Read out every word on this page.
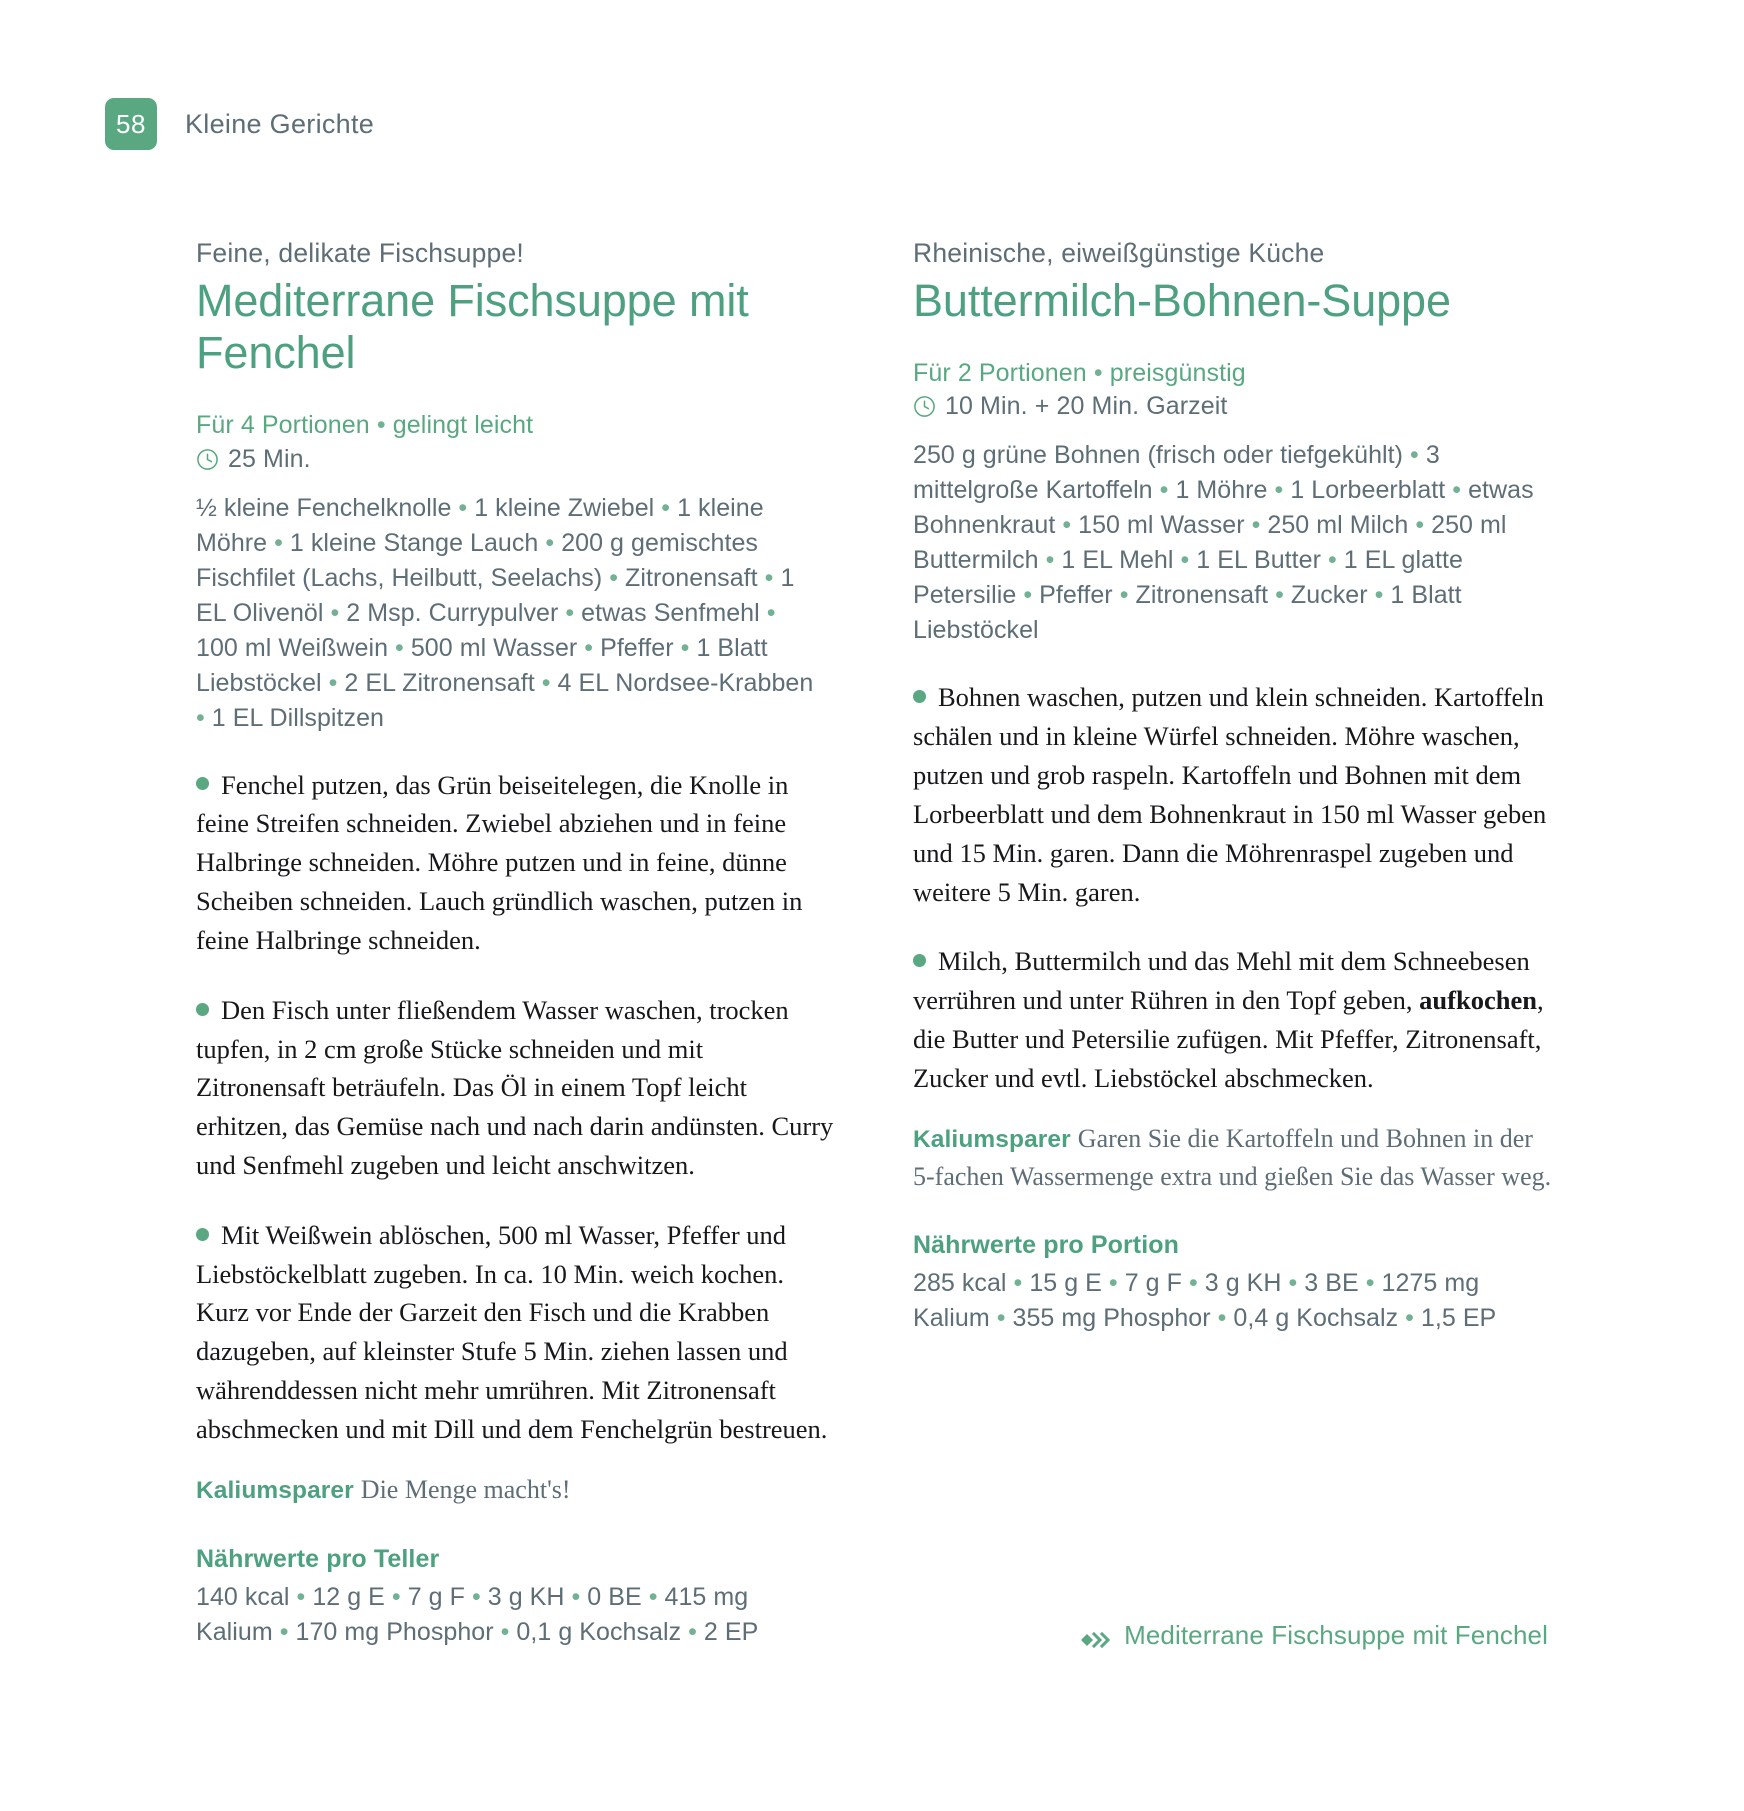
58	Kleine Gerichte
Feine, delikate Fischsuppe!
Mediterrane Fischsuppe mit Fenchel
Für 4 Portionen • gelingt leicht
25 Min.
½ kleine Fenchelknolle • 1 kleine Zwiebel • 1 kleine Möhre • 1 kleine Stange Lauch • 200 g gemischtes Fischfilet (Lachs, Heilbutt, Seelachs) • Zitronensaft • 1 EL Olivenöl • 2 Msp. Currypulver • etwas Senfmehl • 100 ml Weißwein • 500 ml Wasser • Pfeffer • 1 Blatt Liebstöckel • 2 EL Zitronensaft • 4 EL Nordsee-Krabben • 1 EL Dillspitzen
Fenchel putzen, das Grün beiseitelegen, die Knolle in feine Streifen schneiden. Zwiebel abziehen und in feine Halbringe schneiden. Möhre putzen und in feine, dünne Scheiben schneiden. Lauch gründlich waschen, putzen in feine Halbringe schneiden.
Den Fisch unter fließendem Wasser waschen, trocken tupfen, in 2 cm große Stücke schneiden und mit Zitronensaft beträufeln. Das Öl in einem Topf leicht erhitzen, das Gemüse nach und nach darin andünsten. Curry und Senfmehl zugeben und leicht anschwitzen.
Mit Weißwein ablöschen, 500 ml Wasser, Pfeffer und Liebstöckelblatt zugeben. In ca. 10 Min. weich kochen. Kurz vor Ende der Garzeit den Fisch und die Krabben dazugeben, auf kleinster Stufe 5 Min. ziehen lassen und währenddessen nicht mehr umrühren. Mit Zitronensaft abschmecken und mit Dill und dem Fenchelgrün bestreuen.
Kaliumsparer Die Menge macht's!
Nährwerte pro Teller
140 kcal • 12 g E • 7 g F • 3 g KH • 0 BE • 415 mg Kalium • 170 mg Phosphor • 0,1 g Kochsalz • 2 EP
Rheinische, eiweißgünstige Küche
Buttermilch-Bohnen-Suppe
Für 2 Portionen • preisgünstig
10 Min. + 20 Min. Garzeit
250 g grüne Bohnen (frisch oder tiefgekühlt) • 3 mittelgroße Kartoffeln • 1 Möhre • 1 Lorbeerblatt • etwas Bohnenkraut • 150 ml Wasser • 250 ml Milch • 250 ml Buttermilch • 1 EL Mehl • 1 EL Butter • 1 EL glatte Petersilie • Pfeffer • Zitronensaft • Zucker • 1 Blatt Liebstöckel
Bohnen waschen, putzen und klein schneiden. Kartoffeln schälen und in kleine Würfel schneiden. Möhre waschen, putzen und grob raspeln. Kartoffeln und Bohnen mit dem Lorbeerblatt und dem Bohnenkraut in 150 ml Wasser geben und 15 Min. garen. Dann die Möhrenraspel zugeben und weitere 5 Min. garen.
Milch, Buttermilch und das Mehl mit dem Schneebesen verrühren und unter Rühren in den Topf geben, aufkochen, die Butter und Petersilie zufügen. Mit Pfeffer, Zitronensaft, Zucker und evtl. Liebstöckel abschmecken.
Kaliumsparer Garen Sie die Kartoffeln und Bohnen in der 5-fachen Wassermenge extra und gießen Sie das Wasser weg.
Nährwerte pro Portion
285 kcal • 15 g E • 7 g F • 3 g KH • 3 BE • 1275 mg Kalium • 355 mg Phosphor • 0,4 g Kochsalz • 1,5 EP
Mediterrane Fischsuppe mit Fenchel
